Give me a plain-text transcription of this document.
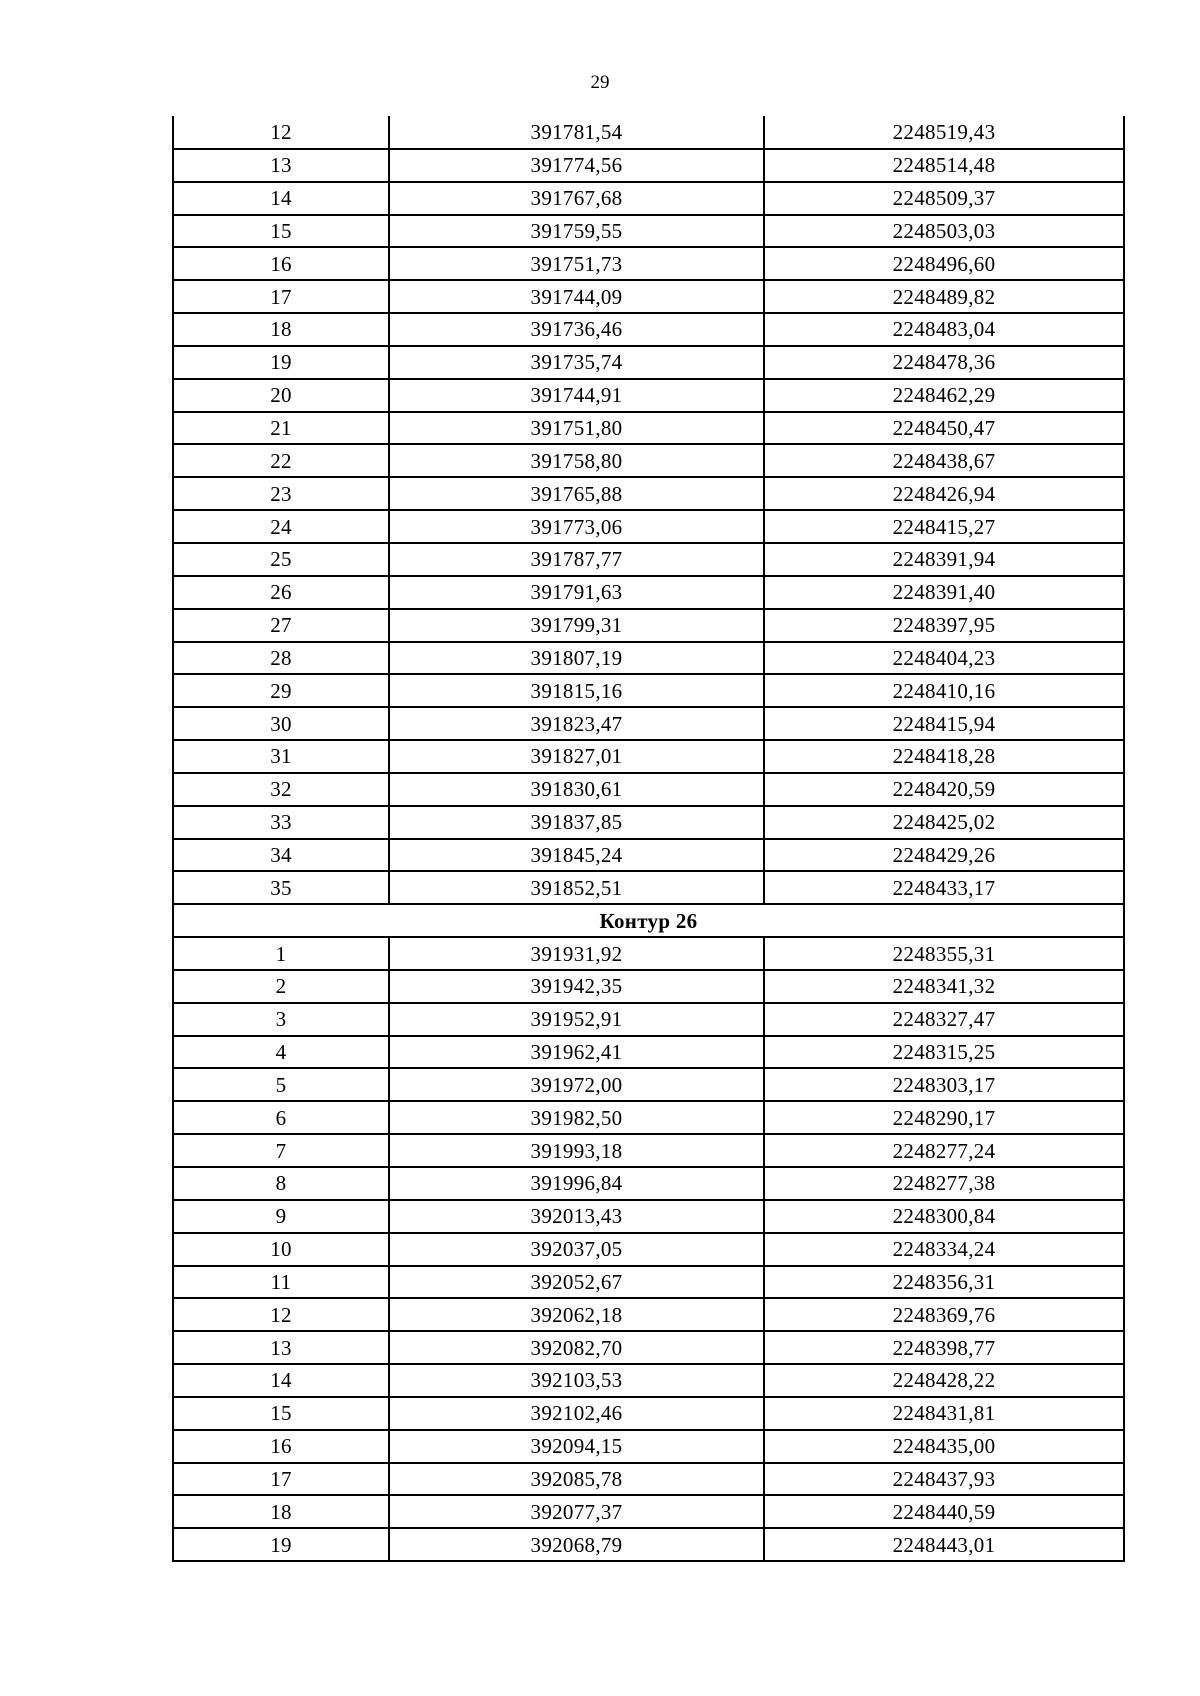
29
12	391781,54	2248519,43
13	391774,56	2248514,48
14	391767,68	2248509,37
15	391759,55	2248503,03
16	391751,73	2248496,60
17	391744,09	2248489,82
18	391736,46	2248483,04
19	391735,74	2248478,36
20	391744,91	2248462,29
21	391751,80	2248450,47
22	391758,80	2248438,67
23	391765,88	2248426,94
24	391773,06	2248415,27
25	391787,77	2248391,94
26	391791,63	2248391,40
27	391799,31	2248397,95
28	391807,19	2248404,23
29	391815,16	2248410,16
30	391823,47	2248415,94
31	391827,01	2248418,28
32	391830,61	2248420,59
33	391837,85	2248425,02
34	391845,24	2248429,26
35	391852,51	2248433,17
Контур 26		
1	391931,92	2248355,31
2	391942,35	2248341,32
3	391952,91	2248327,47
4	391962,41	2248315,25
5	391972,00	2248303,17
6	391982,50	2248290,17
7	391993,18	2248277,24
8	391996,84	2248277,38
9	392013,43	2248300,84
10	392037,05	2248334,24
11	392052,67	2248356,31
12	392062,18	2248369,76
13	392082,70	2248398,77
14	392103,53	2248428,22
15	392102,46	2248431,81
16	392094,15	2248435,00
17	392085,78	2248437,93
18	392077,37	2248440,59
19	392068,79	2248443,01
